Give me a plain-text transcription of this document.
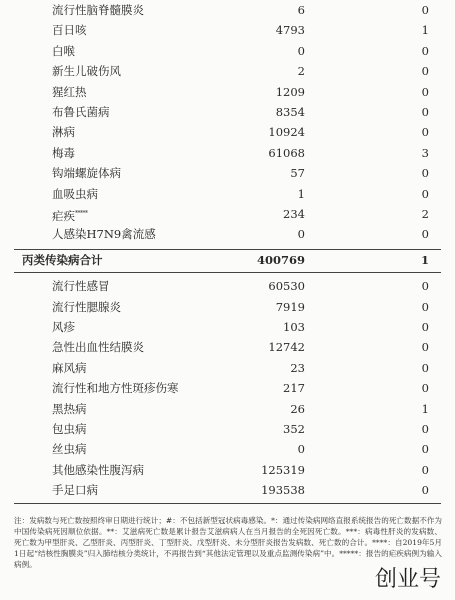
流行性脑脊髓膜炎	6	0
百日咳	4793	1
白喉	0	0
新生儿破伤风	2	0
猩红热	1209	0
布鲁氏菌病	8354	0
淋病	10924	0
梅毒	61068	3
钩端螺旋体病	57	0
血吸虫病	1	0
疟疾*****	234	2
人感染H7N9禽流感	0	0
丙类传染病合计	400769	1
流行性感冒	60530	0
流行性腮腺炎	7919	0
风疹	103	0
急性出血性结膜炎	12742	0
麻风病	23	0
流行性和地方性斑疹伤寒	217	0
黑热病	26	1
包虫病	352	0
丝虫病	0	0
其他感染性腹泻病	125319	0
手足口病	193538	0

注：发病数与死亡数按照终审日期进行统计；#：不包括新型冠状病毒感染。*：通过传染病网络直报系统报告的死亡数据不作为中国传染病死因顺位依据。**：艾滋病死亡数是累计报告艾滋病病人在当月报告的全死因死亡数。***：病毒性肝炎的发病数、死亡数为甲型肝炎、乙型肝炎、丙型肝炎、丁型肝炎、戊型肝炎、未分型肝炎报告发病数、死亡数的合计。****：自2019年5月1日起“结核性胸膜炎”归入肺结核分类统计，不再报告到“其他法定管理以及重点监测传染病”中。*****：报告的疟疾病例为输入病例。

创业号
